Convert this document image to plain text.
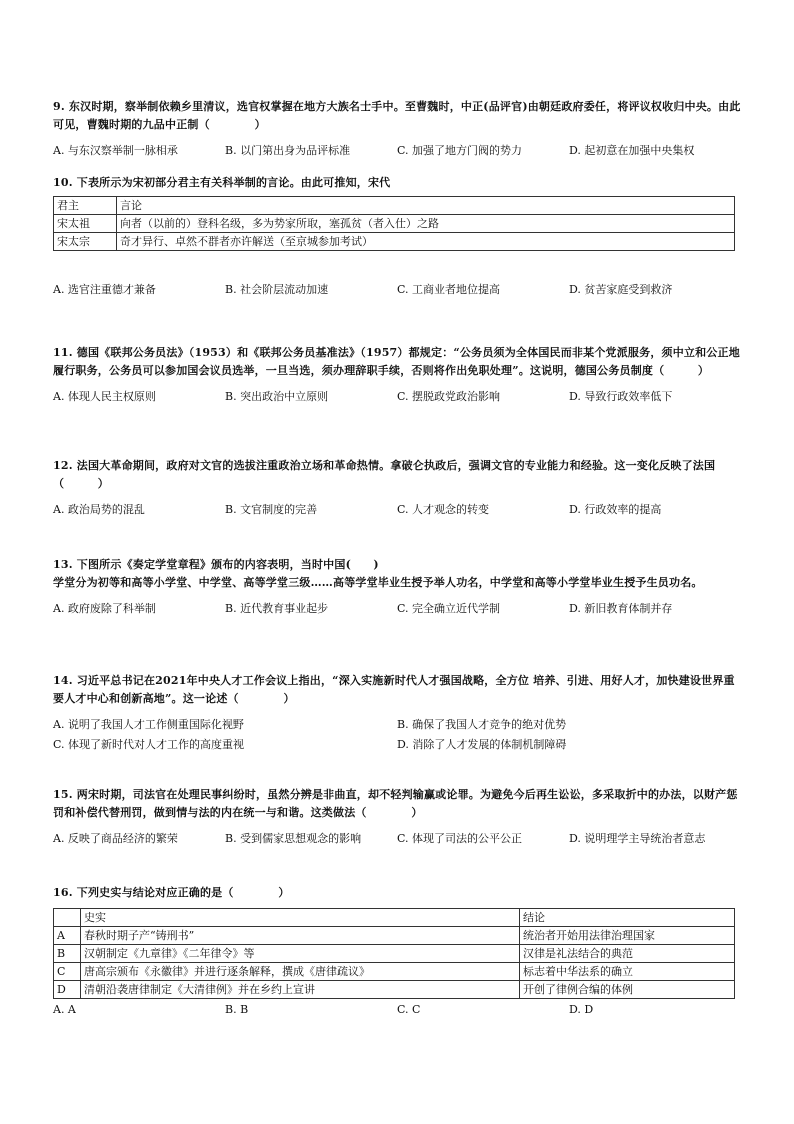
9. 东汉时期，察举制依赖乡里清议，选官权掌握在地方大族名士手中。至曹魏时，中正(品评官)由朝廷政府委任，将评议权收归中央。由此可见，曹魏时期的九品中正制（　　　　）
A. 与东汉察举制一脉相承	B. 以门第出身为品评标准	C. 加强了地方门阀的势力	D. 起初意在加强中央集权
10. 下表所示为宋初部分君主有关科举制的言论。由此可推知，宋代
君主	言论
宋太祖	向者（以前的）登科名级，多为势家所取，塞孤贫（者入仕）之路
宋太宗	奇才异行、卓然不群者亦许解送（至京城参加考试）
A. 选官注重德才兼备	B. 社会阶层流动加速	C. 工商业者地位提高	D. 贫苦家庭受到救济
11. 德国《联邦公务员法》（1953）和《联邦公务员基准法》（1957）都规定：“公务员须为全体国民而非某个党派服务，须中立和公正地履行职务，公务员可以参加国会议员选举，一旦当选，须办理辞职手续，否则将作出免职处理”。这说明，德国公务员制度（　　　）
A. 体现人民主权原则	B. 突出政治中立原则	C. 摆脱政党政治影响	D. 导致行政效率低下
12. 法国大革命期间，政府对文官的选拔注重政治立场和革命热情。拿破仑执政后，强调文官的专业能力和经验。这一变化反映了法国（　　　）
A. 政治局势的混乱	B. 文官制度的完善	C. 人才观念的转变	D. 行政效率的提高
13. 下图所示《奏定学堂章程》颁布的内容表明，当时中国(　　)
学堂分为初等和高等小学堂、中学堂、高等学堂三级……高等学堂毕业生授予举人功名，中学堂和高等小学堂毕业生授予生员功名。
A. 政府废除了科举制	B. 近代教育事业起步	C. 完全确立近代学制	D. 新旧教育体制并存
14. 习近平总书记在2021年中央人才工作会议上指出，“深入实施新时代人才强国战略，全方位 培养、引进、用好人才，加快建设世界重要人才中心和创新高地”。这一论述（　　　　）
A. 说明了我国人才工作侧重国际化视野	B. 确保了我国人才竞争的绝对优势
C. 体现了新时代对人才工作的高度重视	D. 消除了人才发展的体制机制障碍
15. 两宋时期，司法官在处理民事纠纷时，虽然分辨是非曲直，却不轻判输赢或论罪。为避免今后再生讼讼，多采取折中的办法，以财产惩罚和补偿代替刑罚，做到情与法的内在统一与和谐。这类做法（　　　　）
A. 反映了商品经济的繁荣	B. 受到儒家思想观念的影响	C. 体现了司法的公平公正	D. 说明理学主导统治者意志
16. 下列史实与结论对应正确的是（　　　　）
	史实	结论
A	春秋时期子产“铸刑书”	统治者开始用法律治理国家
B	汉朝制定《九章律》《二年律令》等	汉律是礼法结合的典范
C	唐高宗颁布《永徽律》并进行逐条解释，撰成《唐律疏议》	标志着中华法系的确立
D	清朝沿袭唐律制定《大清律例》并在乡约上宣讲	开创了律例合编的体例
A. A	B. B	C. C	D. D
